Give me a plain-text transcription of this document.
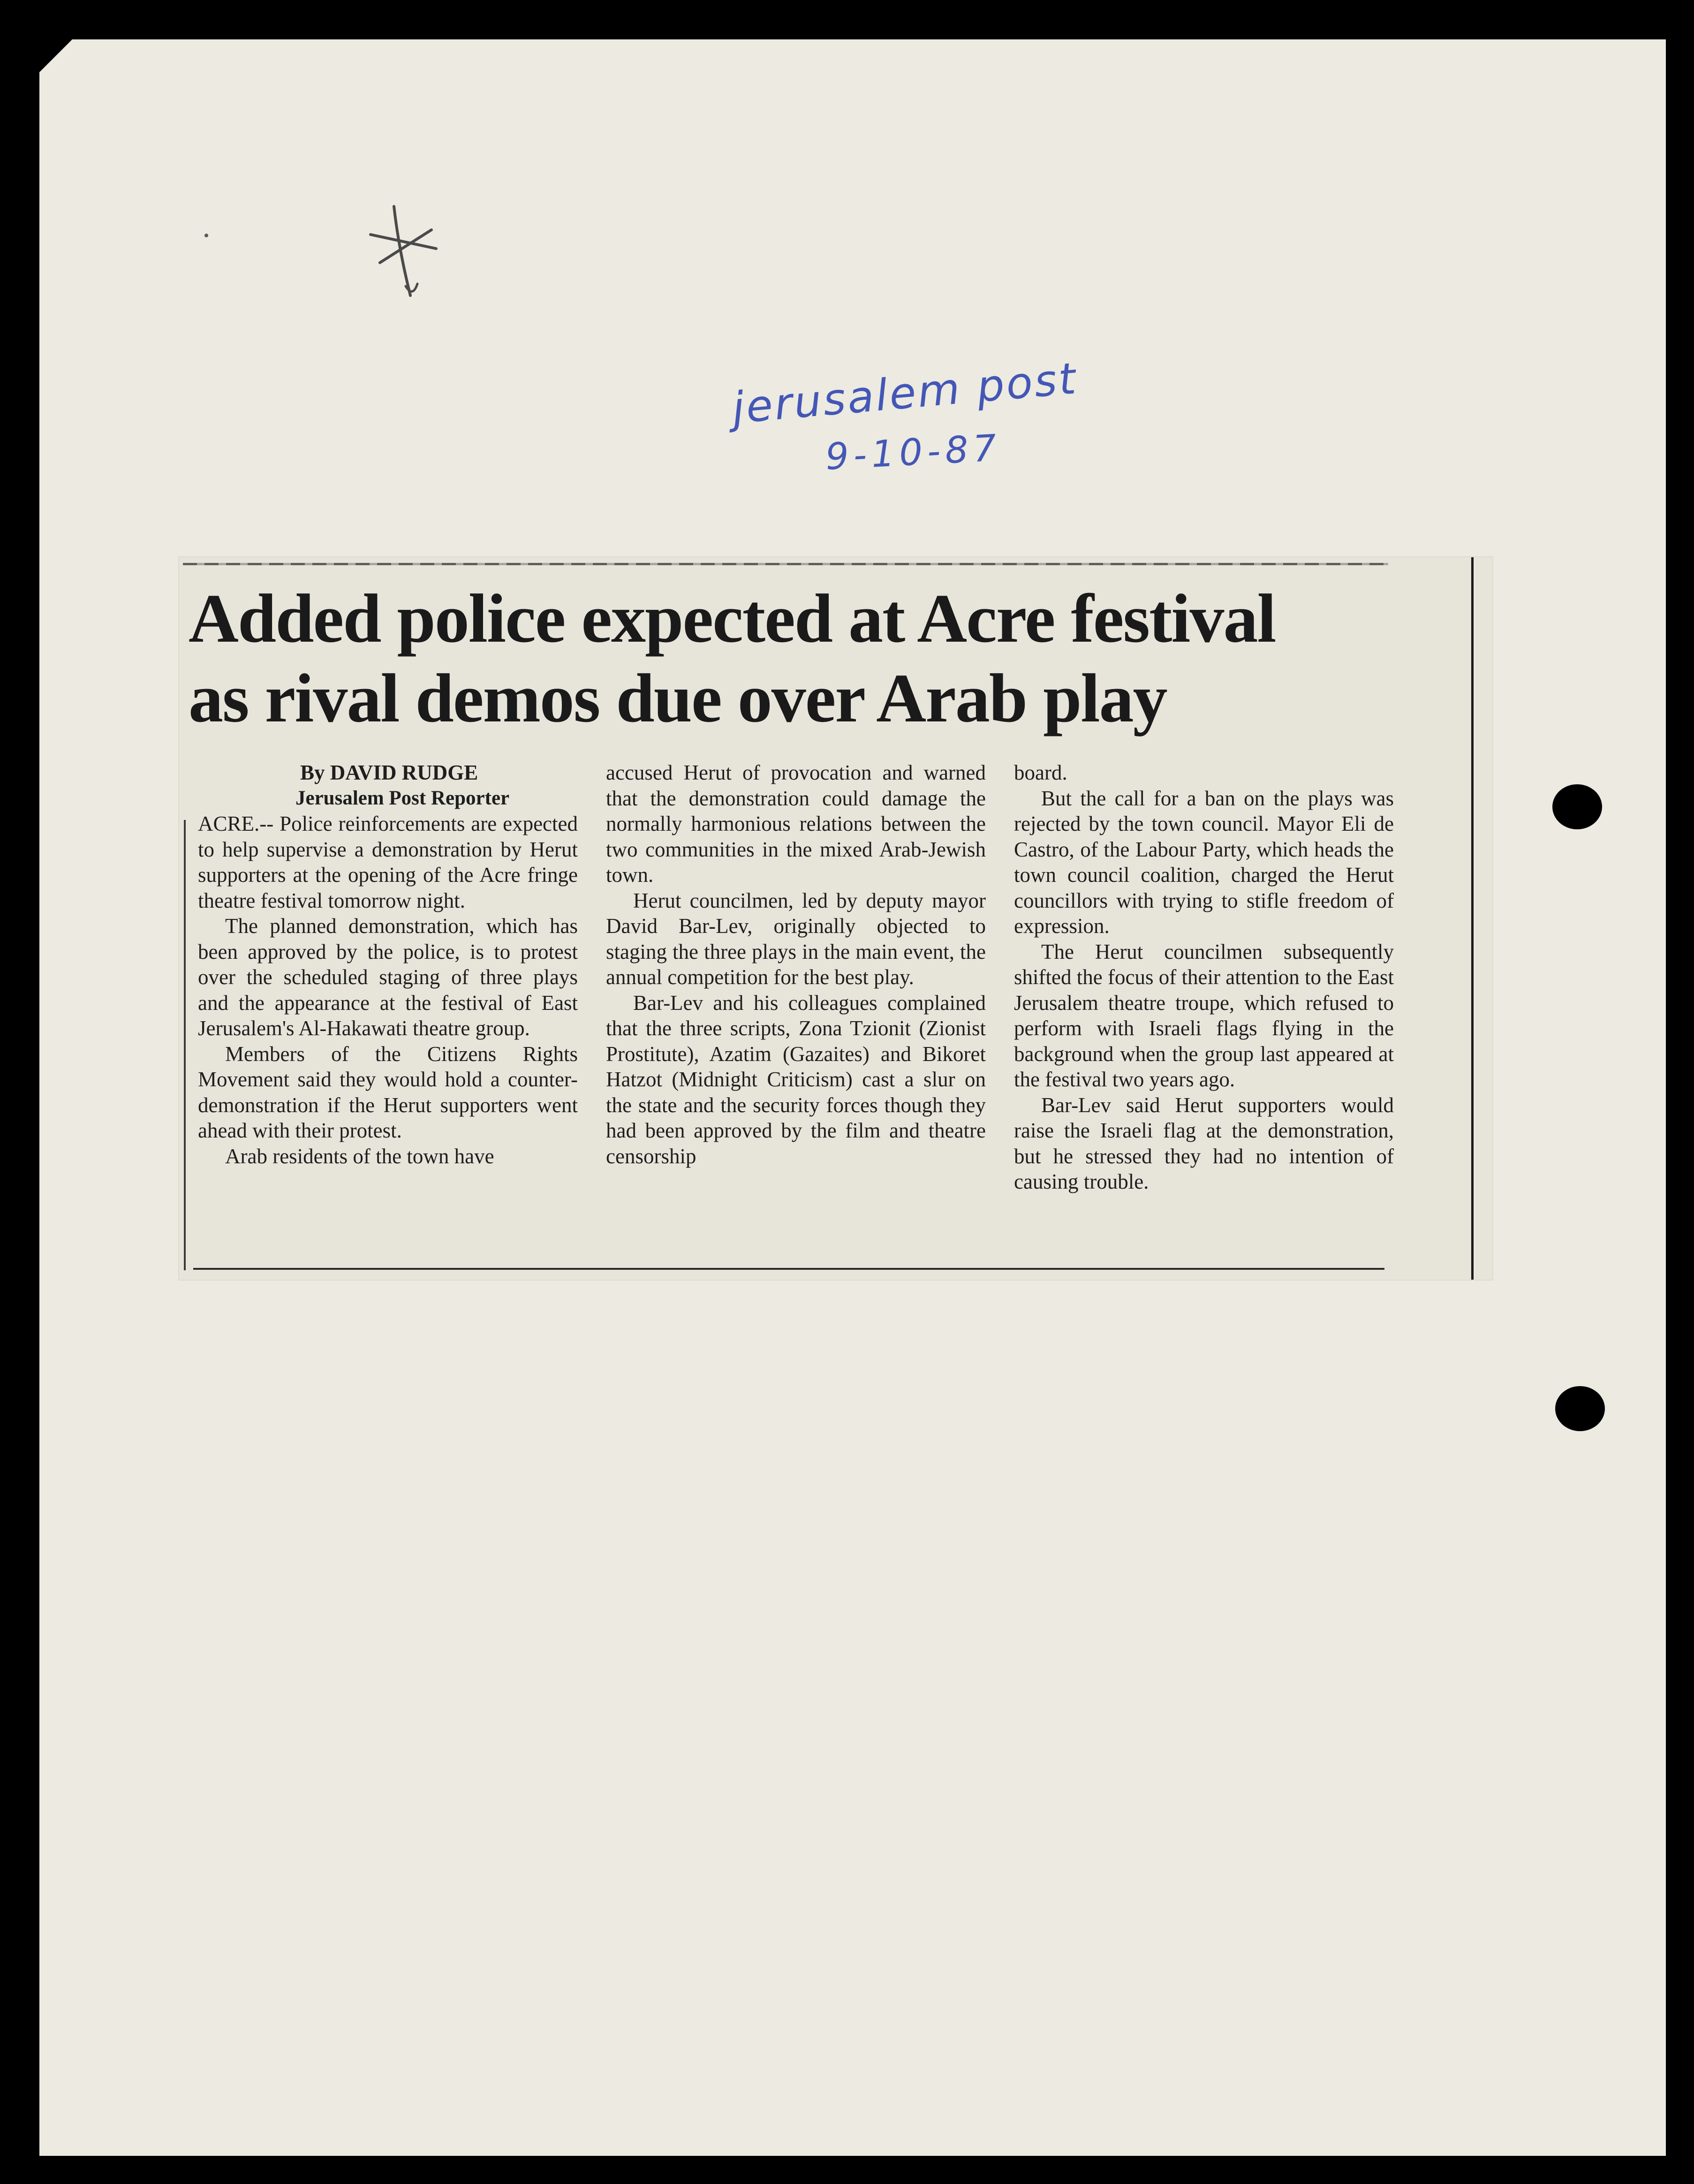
jerusalem post
9-10-87
Added police expected at Acre festival
as rival demos due over Arab play

By DAVID RUDGE

Jerusalem Post Reporter

ACRE.-- Police reinforcements are expected to help supervise a demonstration by Herut supporters at the opening of the Acre fringe theatre festival tomorrow night.

The planned demonstration, which has been approved by the police, is to protest over the scheduled staging of three plays and the appearance at the festival of East Jerusalem's Al-Hakawati theatre group.

Members of the Citizens Rights Movement said they would hold a counter-demonstration if the Herut supporters went ahead with their protest.

Arab residents of the town have

accused Herut of provocation and warned that the demonstration could damage the normally harmonious relations between the two communities in the mixed Arab-Jewish town.

Herut councilmen, led by deputy mayor David Bar-Lev, originally objected to staging the three plays in the main event, the annual competition for the best play.

Bar-Lev and his colleagues complained that the three scripts, Zona Tzionit (Zionist Prostitute), Azatim (Gazaites) and Bikoret Hatzot (Midnight Criticism) cast a slur on the state and the security forces though they had been approved by the film and theatre censorship

board.

But the call for a ban on the plays was rejected by the town council. Mayor Eli de Castro, of the Labour Party, which heads the town council coalition, charged the Herut councillors with trying to stifle freedom of expression.

The Herut councilmen subsequently shifted the focus of their attention to the East Jerusalem theatre troupe, which refused to perform with Israeli flags flying in the background when the group last appeared at the festival two years ago.

Bar-Lev said Herut supporters would raise the Israeli flag at the demonstration, but he stressed they had no intention of causing trouble.
